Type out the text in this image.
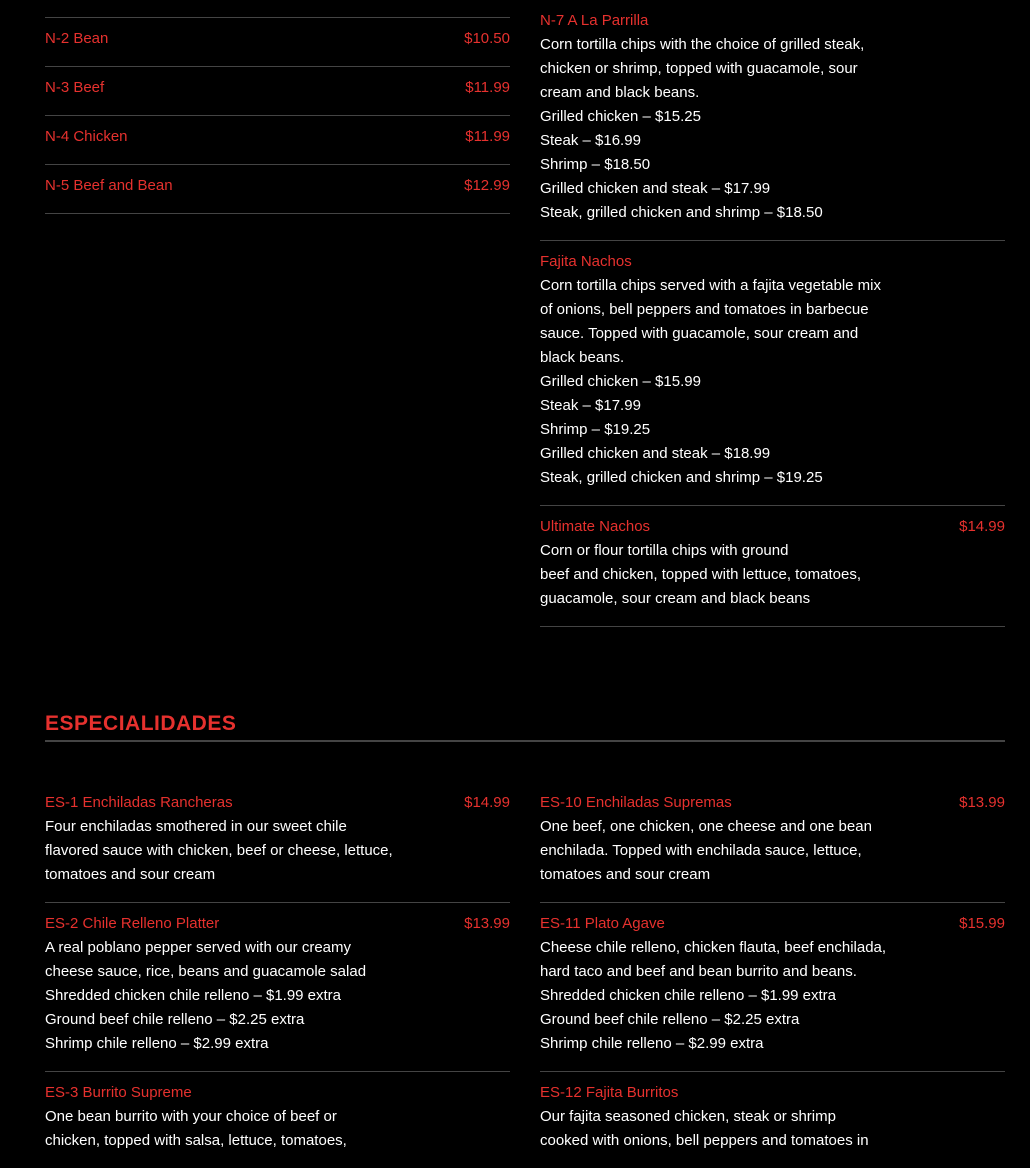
N-2 Bean	$10.50
N-3 Beef	$11.99
N-4 Chicken	$11.99
N-5 Beef and Bean	$12.99
N-7 A La Parrilla
Corn tortilla chips with the choice of grilled steak,
chicken or shrimp, topped with guacamole, sour
cream and black beans.
Grilled chicken – $15.25
Steak – $16.99
Shrimp – $18.50
Grilled chicken and steak – $17.99
Steak, grilled chicken and shrimp – $18.50
Fajita Nachos
Corn tortilla chips served with a fajita vegetable mix
of onions, bell peppers and tomatoes in barbecue
sauce. Topped with guacamole, sour cream and
black beans.
Grilled chicken – $15.99
Steak – $17.99
Shrimp – $19.25
Grilled chicken and steak – $18.99
Steak, grilled chicken and shrimp – $19.25
Ultimate Nachos	$14.99
Corn or flour tortilla chips with ground
beef and chicken, topped with lettuce, tomatoes,
guacamole, sour cream and black beans
ESPECIALIDADES
ES-1 Enchiladas Rancheras	$14.99
Four enchiladas smothered in our sweet chile
flavored sauce with chicken, beef or cheese, lettuce,
tomatoes and sour cream
ES-2 Chile Relleno Platter	$13.99
A real poblano pepper served with our creamy
cheese sauce, rice, beans and guacamole salad
Shredded chicken chile relleno – $1.99 extra
Ground beef chile relleno – $2.25 extra
Shrimp chile relleno – $2.99 extra
ES-3 Burrito Supreme
One bean burrito with your choice of beef or
chicken, topped with salsa, lettuce, tomatoes,
ES-10 Enchiladas Supremas	$13.99
One beef, one chicken, one cheese and one bean
enchilada. Topped with enchilada sauce, lettuce,
tomatoes and sour cream
ES-11 Plato Agave	$15.99
Cheese chile relleno, chicken flauta, beef enchilada,
hard taco and beef and bean burrito and beans.
Shredded chicken chile relleno – $1.99 extra
Ground beef chile relleno – $2.25 extra
Shrimp chile relleno – $2.99 extra
ES-12 Fajita Burritos
Our fajita seasoned chicken, steak or shrimp
cooked with onions, bell peppers and tomatoes in
